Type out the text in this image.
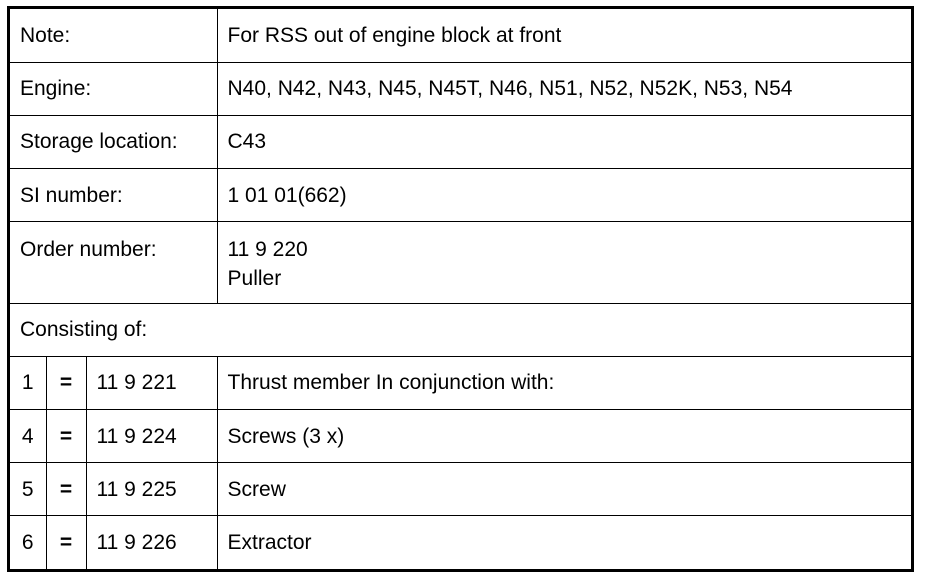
Note:			For RSS out of engine block at front
Engine:			N40, N42, N43, N45, N45T, N46, N51, N52, N52K, N53, N54
Storage location:			C43
SI number:			1 01 01(662)
Order number:			11 9 220
Puller

Consisting of:			
1	=	11 9 221	Thrust member In conjunction with:
4	=	11 9 224	Screws (3 x)
5	=	11 9 225	Screw
6	=	11 9 226	Extractor
